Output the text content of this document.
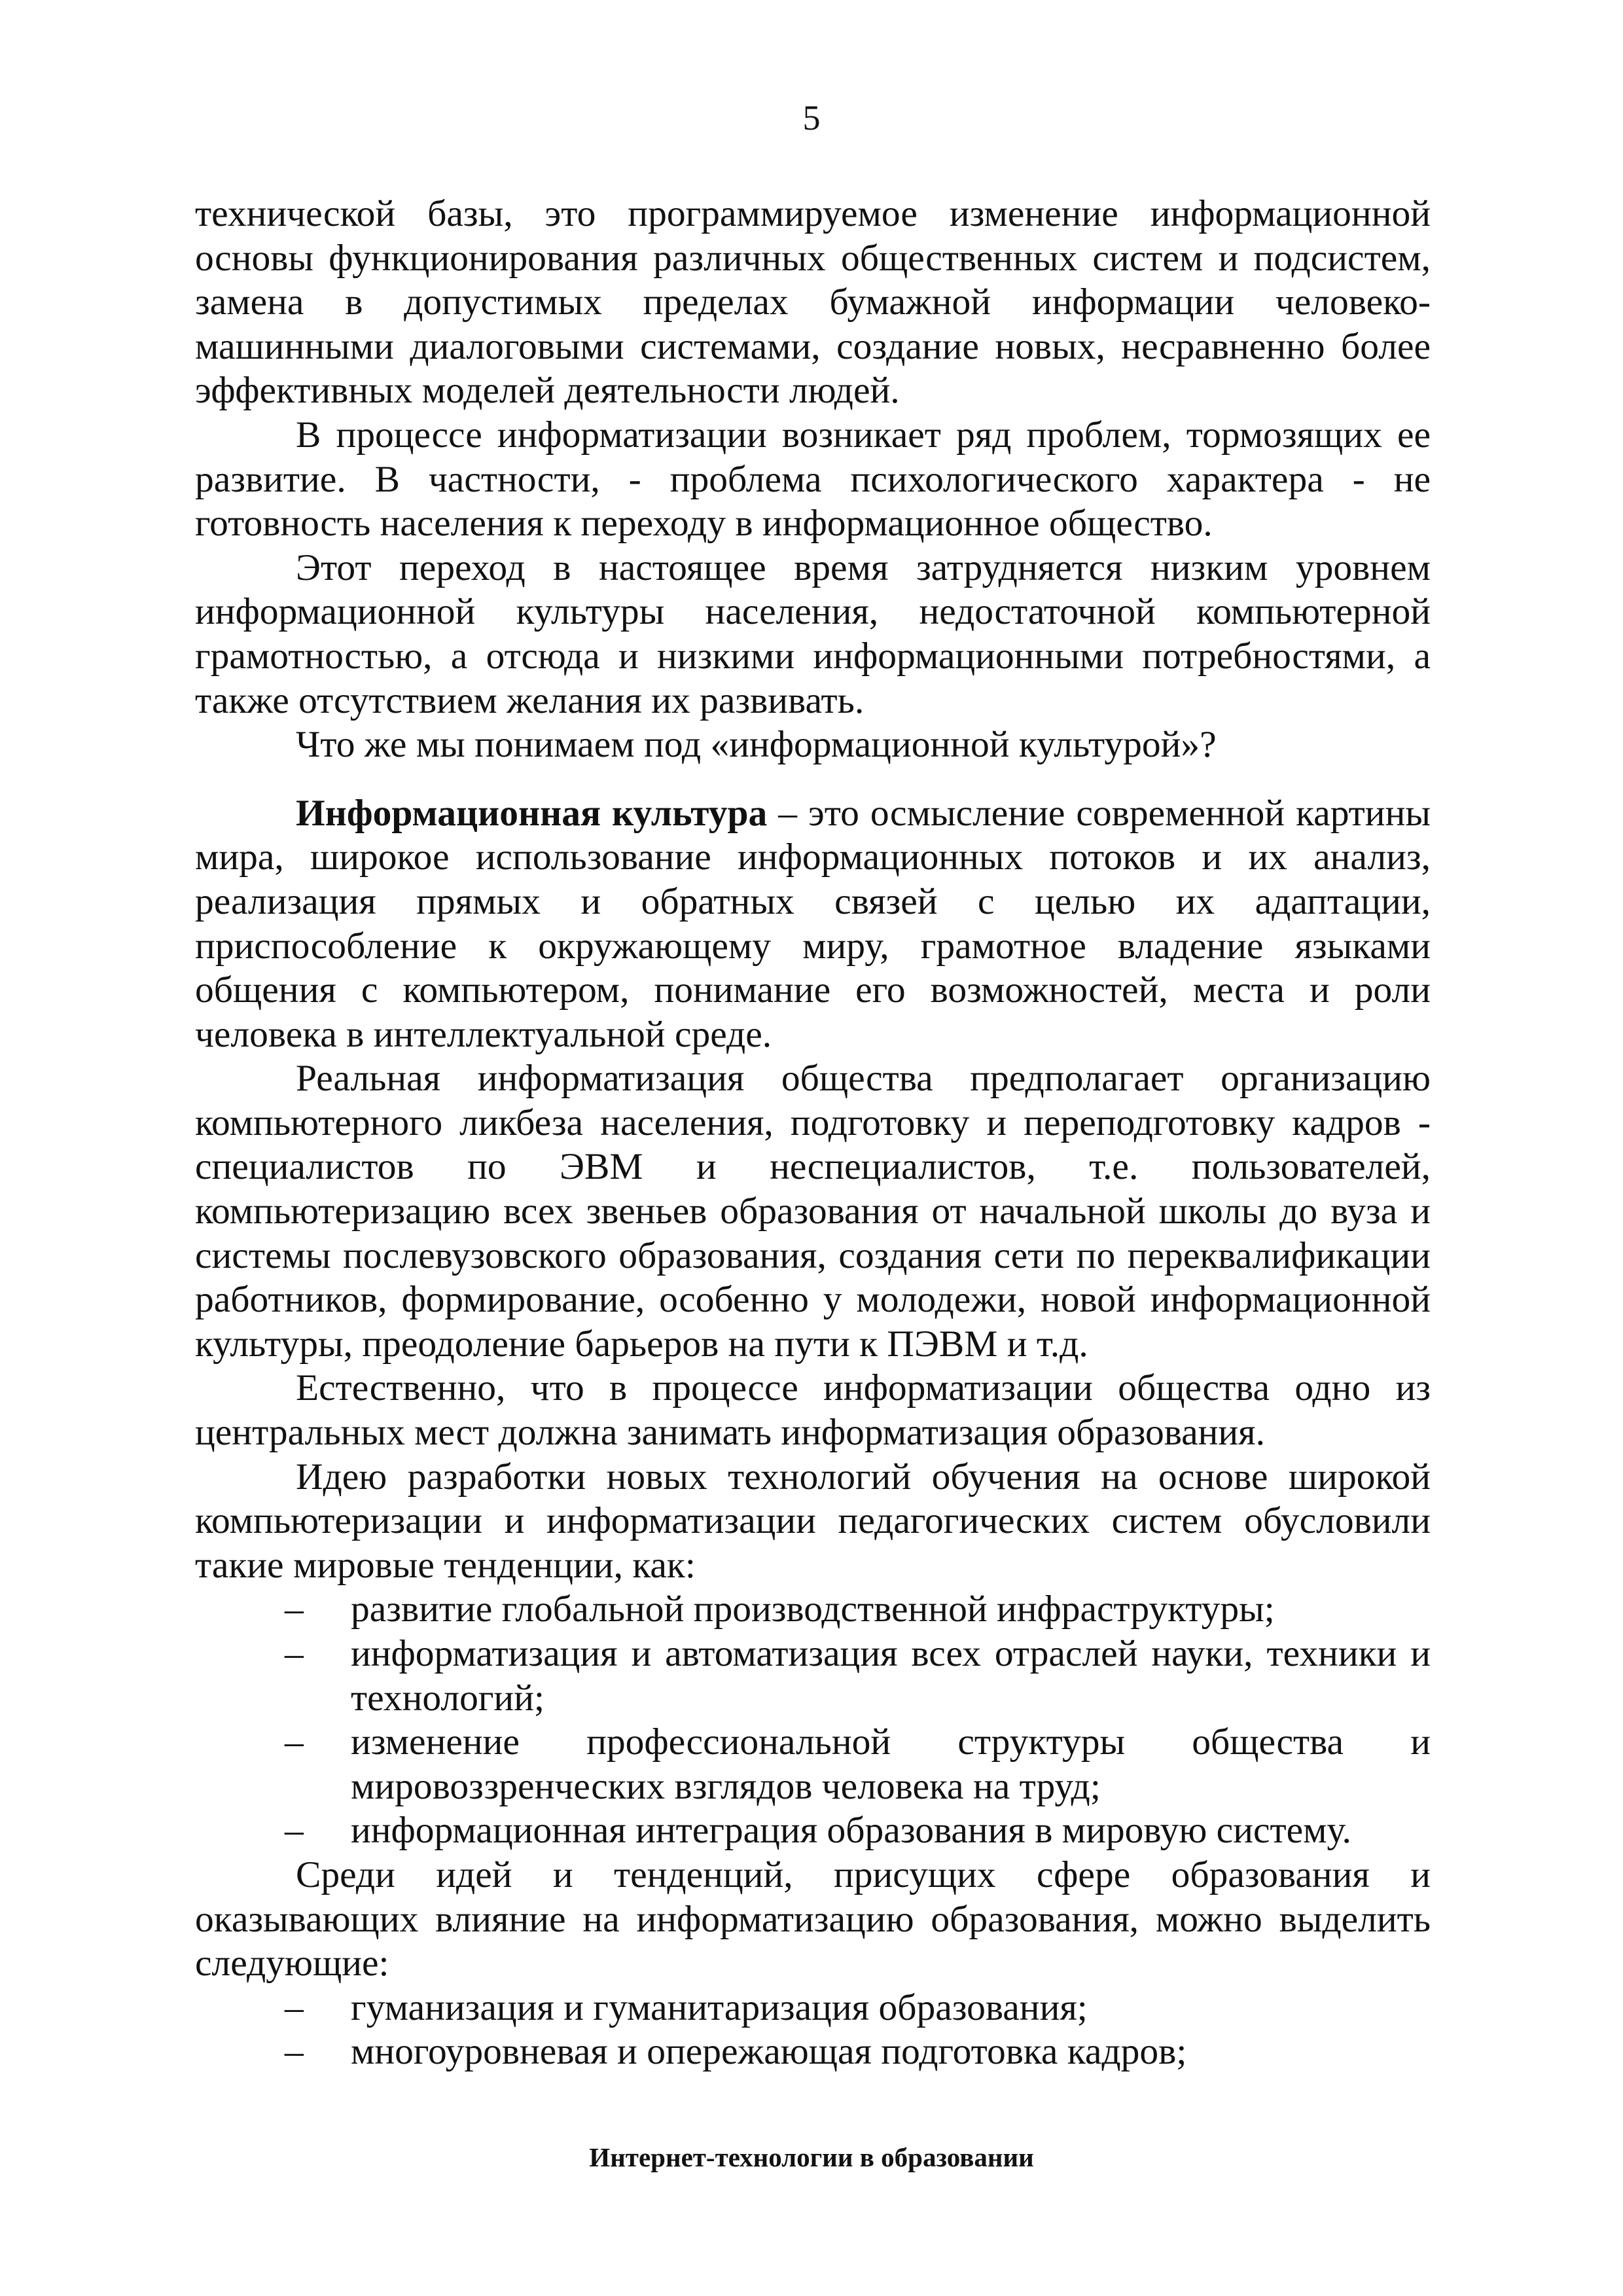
5

технической базы, это программируемое изменение информационной основы функционирования различных общественных систем и подсистем, замена в допустимых пределах бумажной информации человеко-машинными диалоговыми системами, создание новых, несравненно более эффективных моделей деятельности людей.

В процессе информатизации возникает ряд проблем, тормозящих ее развитие. В частности, - проблема психологического характера - не готовность населения к переходу в информационное общество.

Этот переход в настоящее время затрудняется низким уровнем информационной культуры населения, недостаточной компьютерной грамотностью, а отсюда и низкими информационными потребностями, а также отсутствием желания их развивать.

Что же мы понимаем под «информационной культурой»?

Информационная культура – это осмысление современной картины мира, широкое использование информационных потоков и их анализ, реализация прямых и обратных связей с целью их адаптации, приспособление к окружающему миру, грамотное владение языками общения с компьютером, понимание его возможностей, места и роли человека в интеллектуальной среде.

Реальная информатизация общества предполагает организацию компьютерного ликбеза населения, подготовку и переподготовку кадров - специалистов по ЭВМ и неспециалистов, т.е. пользователей, компьютеризацию всех звеньев образования от начальной школы до вуза и системы послевузовского образования, создания сети по переквалификации работников, формирование, особенно у молодежи, новой информационной культуры, преодоление барьеров на пути к ПЭВМ и т.д.

Естественно, что в процессе информатизации общества одно из центральных мест должна занимать информатизация образования.

Идею разработки новых технологий обучения на основе широкой компьютеризации и информатизации педагогических систем обусловили такие мировые тенденции, как:

– развитие глобальной производственной инфраструктуры;
– информатизация и автоматизация всех отраслей науки, техники и технологий;
– изменение профессиональной структуры общества и мировоззренческих взглядов человека на труд;
– информационная интеграция образования в мировую систему.

Среди идей и тенденций, присущих сфере образования и оказывающих влияние на информатизацию образования, можно выделить следующие:

– гуманизация и гуманитаризация образования;
– многоуровневая и опережающая подготовка кадров;
Интернет-технологии в образовании
